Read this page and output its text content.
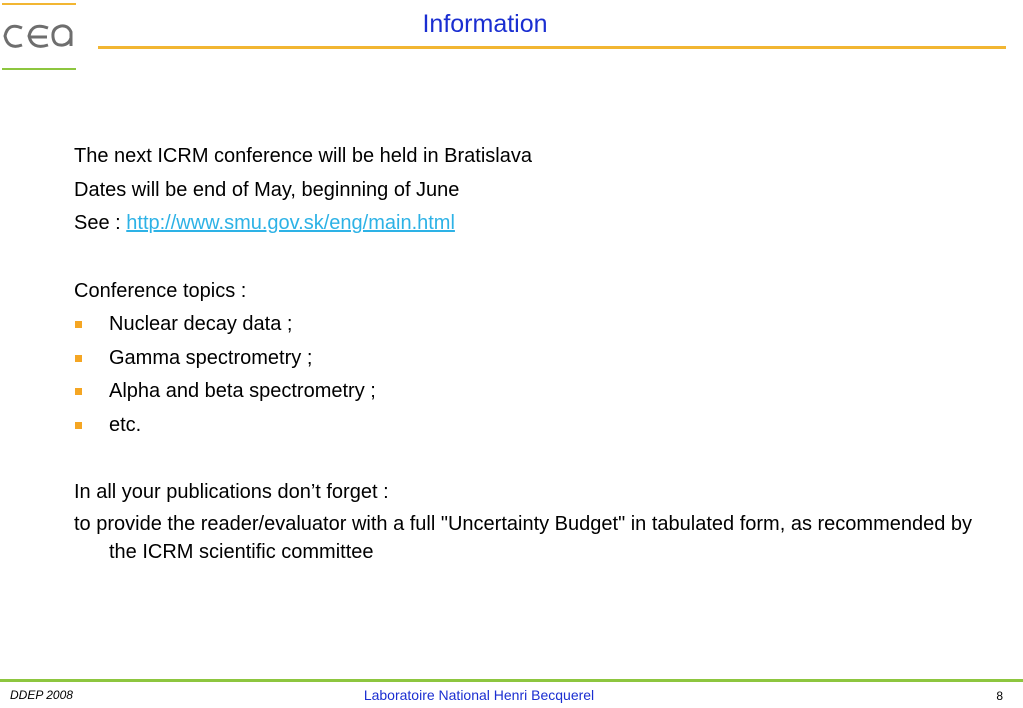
Information

The next ICRM conference will be held in Bratislava

Dates will be end of May, beginning of June

See : http://www.smu.gov.sk/eng/main.html

Conference topics :

Nuclear decay data ;
Gamma spectrometry ;
Alpha and beta spectrometry ;
etc.

In all your publications don’t forget :

to provide the reader/evaluator with a full "Uncertainty Budget" in tabulated form, as recommended by the ICRM scientific committee

DDEP 2008	Laboratoire National Henri Becquerel	8
